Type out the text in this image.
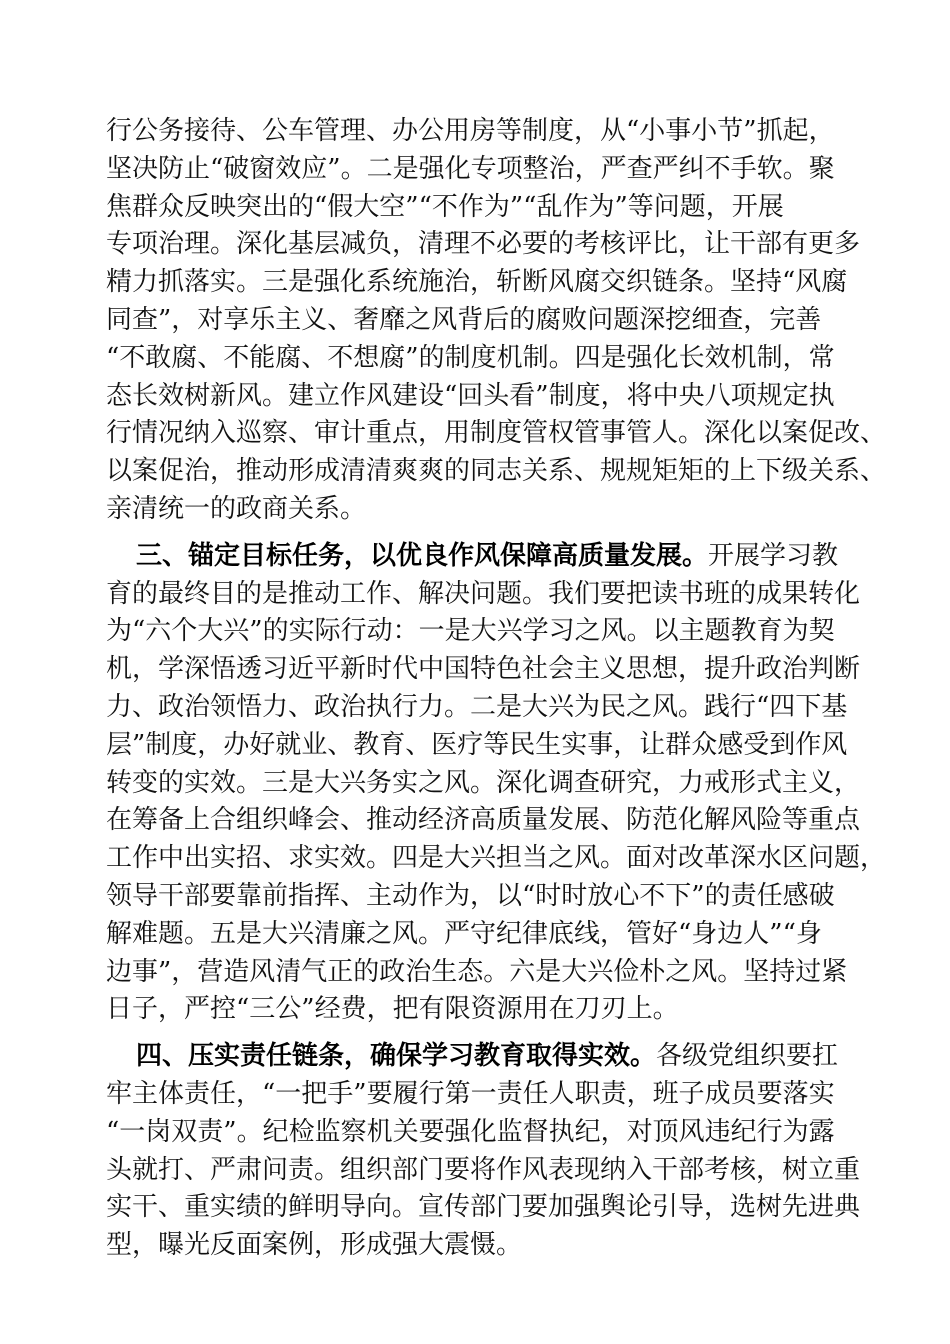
行公务接待、公车管理、办公用房等制度，从“小事小节”抓起，
坚决防止“破窗效应”。二是强化专项整治，严查严纠不手软。聚
焦群众反映突出的“假大空”“不作为”“乱作为”等问题，开展
专项治理。深化基层减负，清理不必要的考核评比，让干部有更多
精力抓落实。三是强化系统施治，斩断风腐交织链条。坚持“风腐
同查”，对享乐主义、奢靡之风背后的腐败问题深挖细查，完善
“不敢腐、不能腐、不想腐”的制度机制。四是强化长效机制，常
态长效树新风。建立作风建设“回头看”制度，将中央八项规定执
行情况纳入巡察、审计重点，用制度管权管事管人。深化以案促改、
以案促治，推动形成清清爽爽的同志关系、规规矩矩的上下级关系、
亲清统一的政商关系。
三、锚定目标任务，以优良作风保障高质量发展。开展学习教
育的最终目的是推动工作、解决问题。我们要把读书班的成果转化
为“六个大兴”的实际行动：一是大兴学习之风。以主题教育为契
机，学深悟透习近平新时代中国特色社会主义思想，提升政治判断
力、政治领悟力、政治执行力。二是大兴为民之风。践行“四下基
层”制度，办好就业、教育、医疗等民生实事，让群众感受到作风
转变的实效。三是大兴务实之风。深化调查研究，力戒形式主义，
在筹备上合组织峰会、推动经济高质量发展、防范化解风险等重点
工作中出实招、求实效。四是大兴担当之风。面对改革深水区问题，
领导干部要靠前指挥、主动作为，以“时时放心不下”的责任感破
解难题。五是大兴清廉之风。严守纪律底线，管好“身边人”“身
边事”，营造风清气正的政治生态。六是大兴俭朴之风。坚持过紧
日子，严控“三公”经费，把有限资源用在刀刃上。
四、压实责任链条，确保学习教育取得实效。各级党组织要扛
牢主体责任，“一把手”要履行第一责任人职责，班子成员要落实
“一岗双责”。纪检监察机关要强化监督执纪，对顶风违纪行为露
头就打、严肃问责。组织部门要将作风表现纳入干部考核，树立重
实干、重实绩的鲜明导向。宣传部门要加强舆论引导，选树先进典
型，曝光反面案例，形成强大震慑。
